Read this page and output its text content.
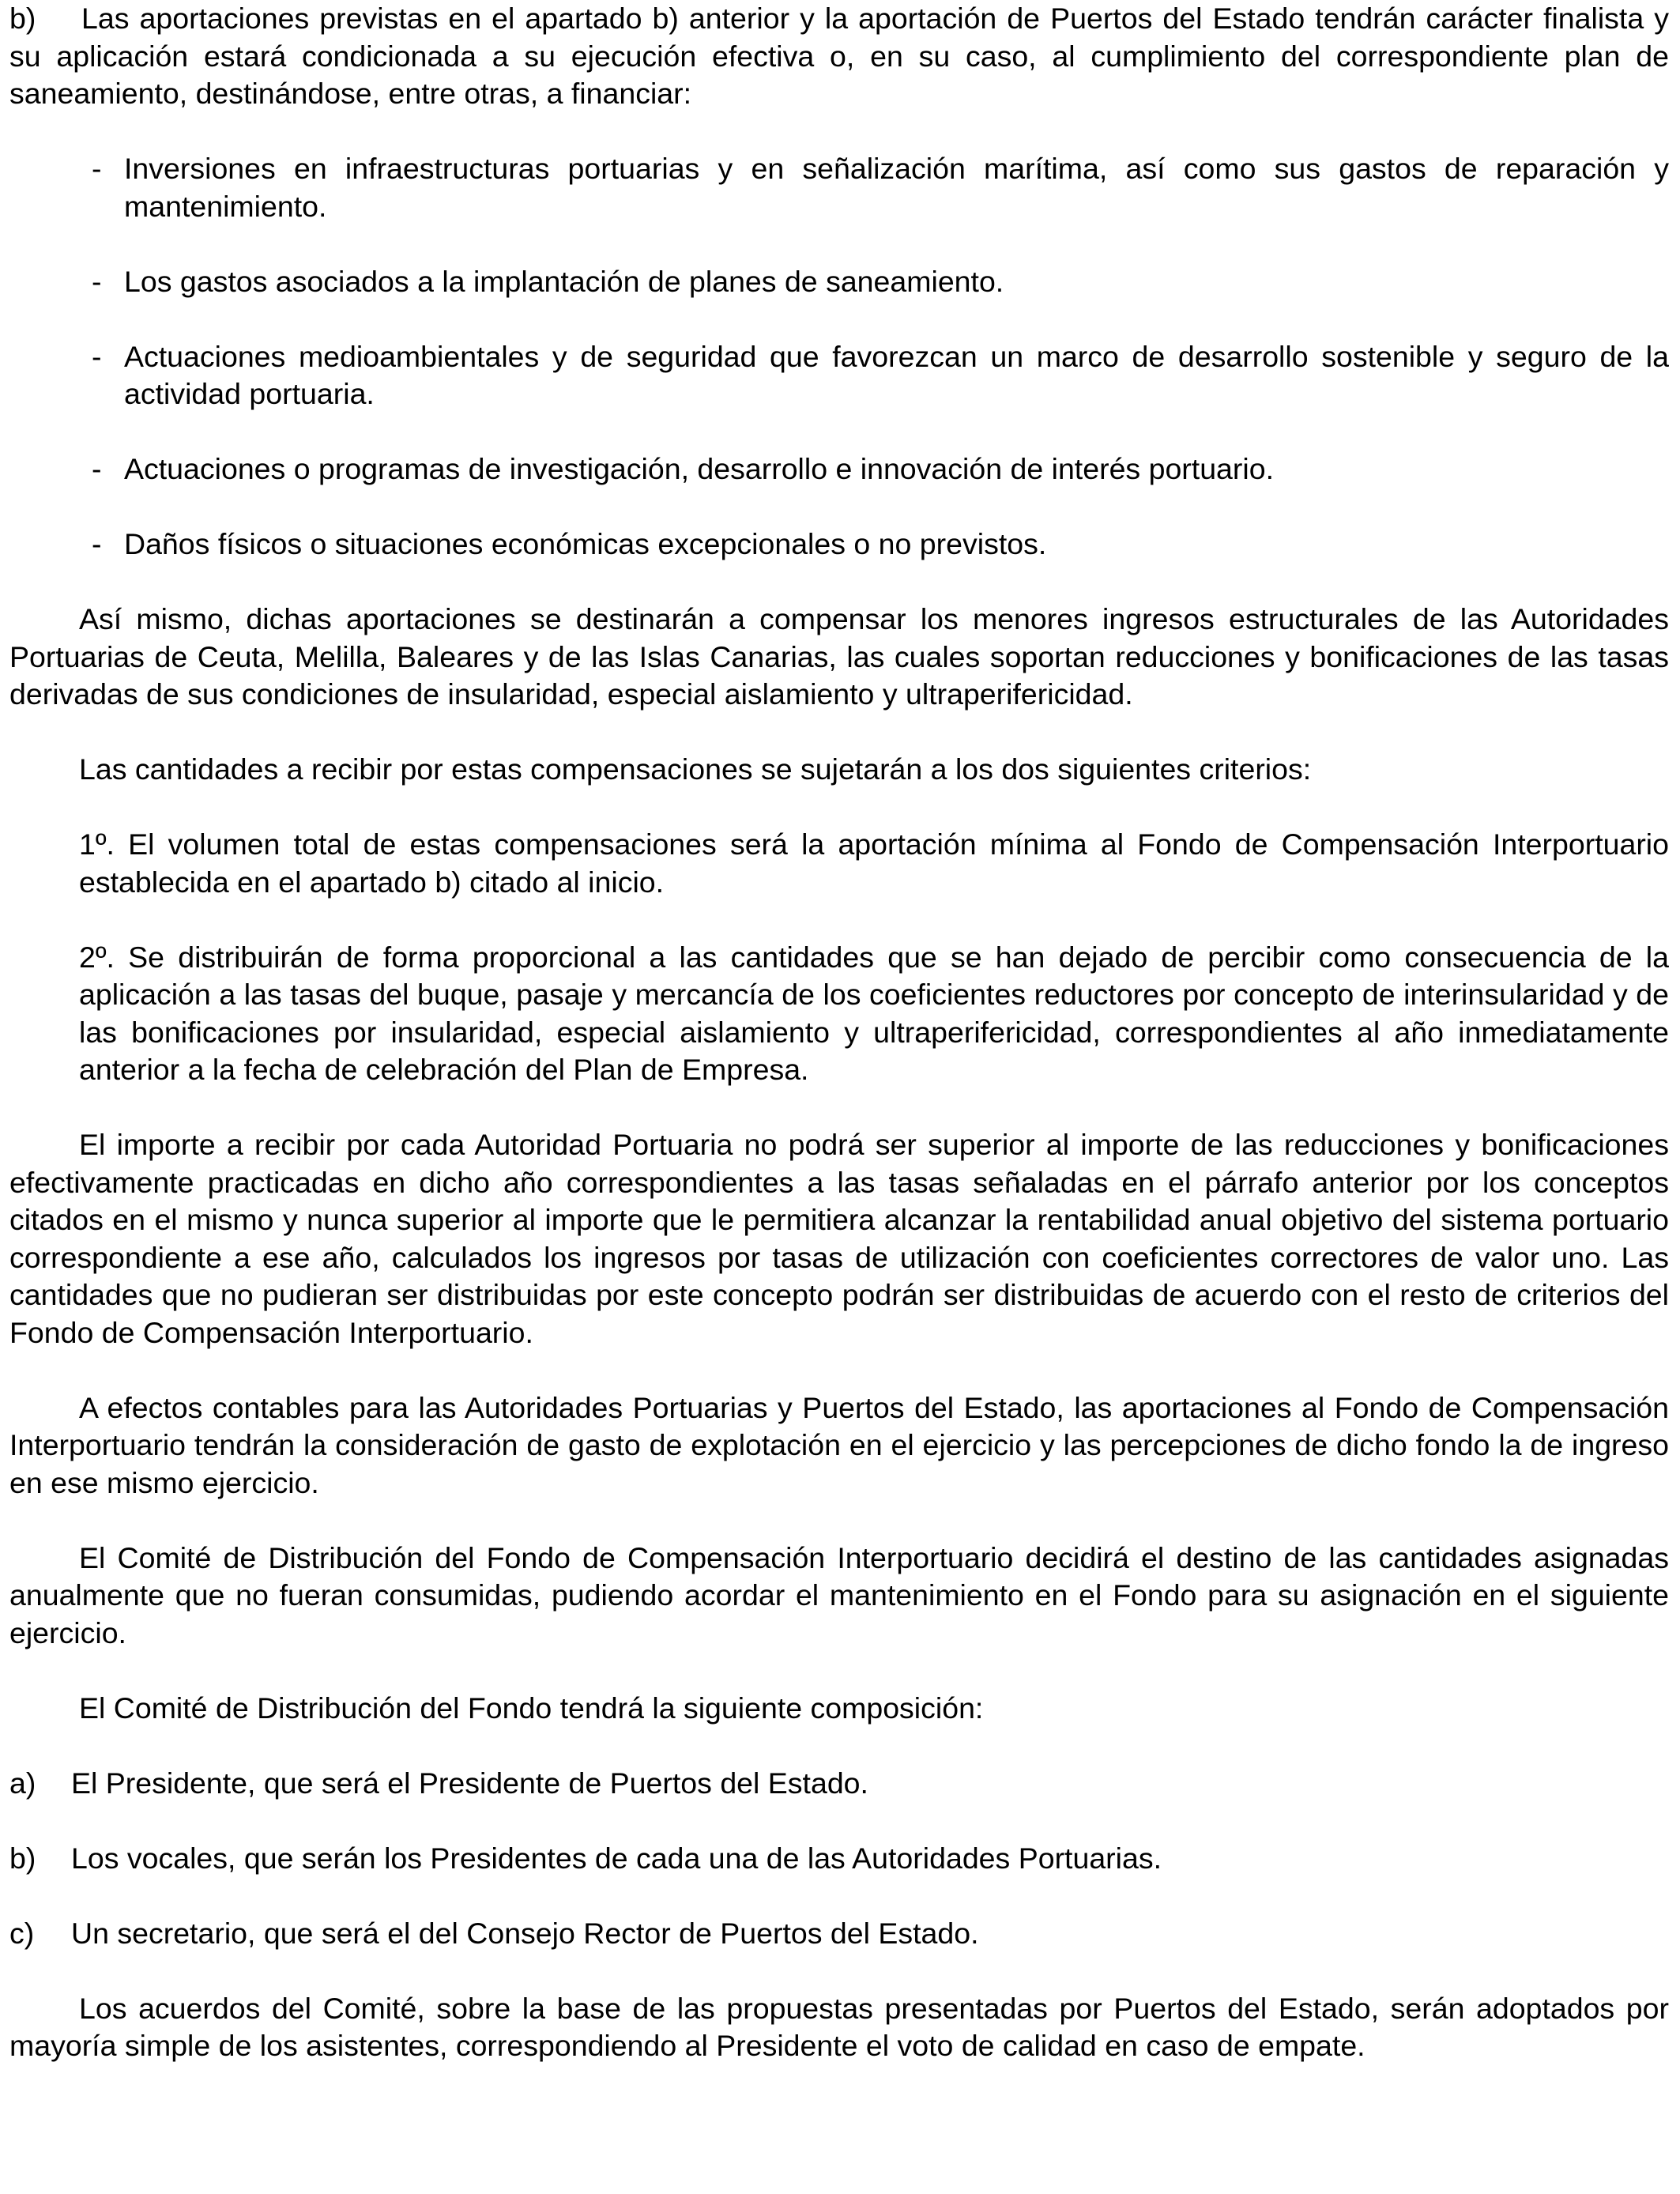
b) Las aportaciones previstas en el apartado b) anterior y la aportación de Puertos del Estado tendrán carácter finalista y su aplicación estará condicionada a su ejecución efectiva o, en su caso, al cumplimiento del correspondiente plan de saneamiento, destinándose, entre otras, a financiar:

- Inversiones en infraestructuras portuarias y en señalización marítima, así como sus gastos de reparación y mantenimiento.

- Los gastos asociados a la implantación de planes de saneamiento.

- Actuaciones medioambientales y de seguridad que favorezcan un marco de desarrollo sostenible y seguro de la actividad portuaria.

- Actuaciones o programas de investigación, desarrollo e innovación de interés portuario.

- Daños físicos o situaciones económicas excepcionales o no previstos.

Así mismo, dichas aportaciones se destinarán a compensar los menores ingresos estructurales de las Autoridades Portuarias de Ceuta, Melilla, Baleares y de las Islas Canarias, las cuales soportan reducciones y bonificaciones de las tasas derivadas de sus condiciones de insularidad, especial aislamiento y ultraperifericidad.

Las cantidades a recibir por estas compensaciones se sujetarán a los dos siguientes criterios:

1º. El volumen total de estas compensaciones será la aportación mínima al Fondo de Compensación Interportuario establecida en el apartado b) citado al inicio.

2º. Se distribuirán de forma proporcional a las cantidades que se han dejado de percibir como consecuencia de la aplicación a las tasas del buque, pasaje y mercancía de los coeficientes reductores por concepto de interinsularidad y de las bonificaciones por insularidad, especial aislamiento y ultraperifericidad, correspondientes al año inmediatamente anterior a la fecha de celebración del Plan de Empresa.

El importe a recibir por cada Autoridad Portuaria no podrá ser superior al importe de las reducciones y bonificaciones efectivamente practicadas en dicho año correspondientes a las tasas señaladas en el párrafo anterior por los conceptos citados en el mismo y nunca superior al importe que le permitiera alcanzar la rentabilidad anual objetivo del sistema portuario correspondiente a ese año, calculados los ingresos por tasas de utilización con coeficientes correctores de valor uno. Las cantidades que no pudieran ser distribuidas por este concepto podrán ser distribuidas de acuerdo con el resto de criterios del Fondo de Compensación Interportuario.

A efectos contables para las Autoridades Portuarias y Puertos del Estado, las aportaciones al Fondo de Compensación Interportuario tendrán la consideración de gasto de explotación en el ejercicio y las percepciones de dicho fondo la de ingreso en ese mismo ejercicio.

El Comité de Distribución del Fondo de Compensación Interportuario decidirá el destino de las cantidades asignadas anualmente que no fueran consumidas, pudiendo acordar el mantenimiento en el Fondo para su asignación en el siguiente ejercicio.

El Comité de Distribución del Fondo tendrá la siguiente composición:

a) El Presidente, que será el Presidente de Puertos del Estado.

b) Los vocales, que serán los Presidentes de cada una de las Autoridades Portuarias.

c) Un secretario, que será el del Consejo Rector de Puertos del Estado.

Los acuerdos del Comité, sobre la base de las propuestas presentadas por Puertos del Estado, serán adoptados por mayoría simple de los asistentes, correspondiendo al Presidente el voto de calidad en caso de empate.
